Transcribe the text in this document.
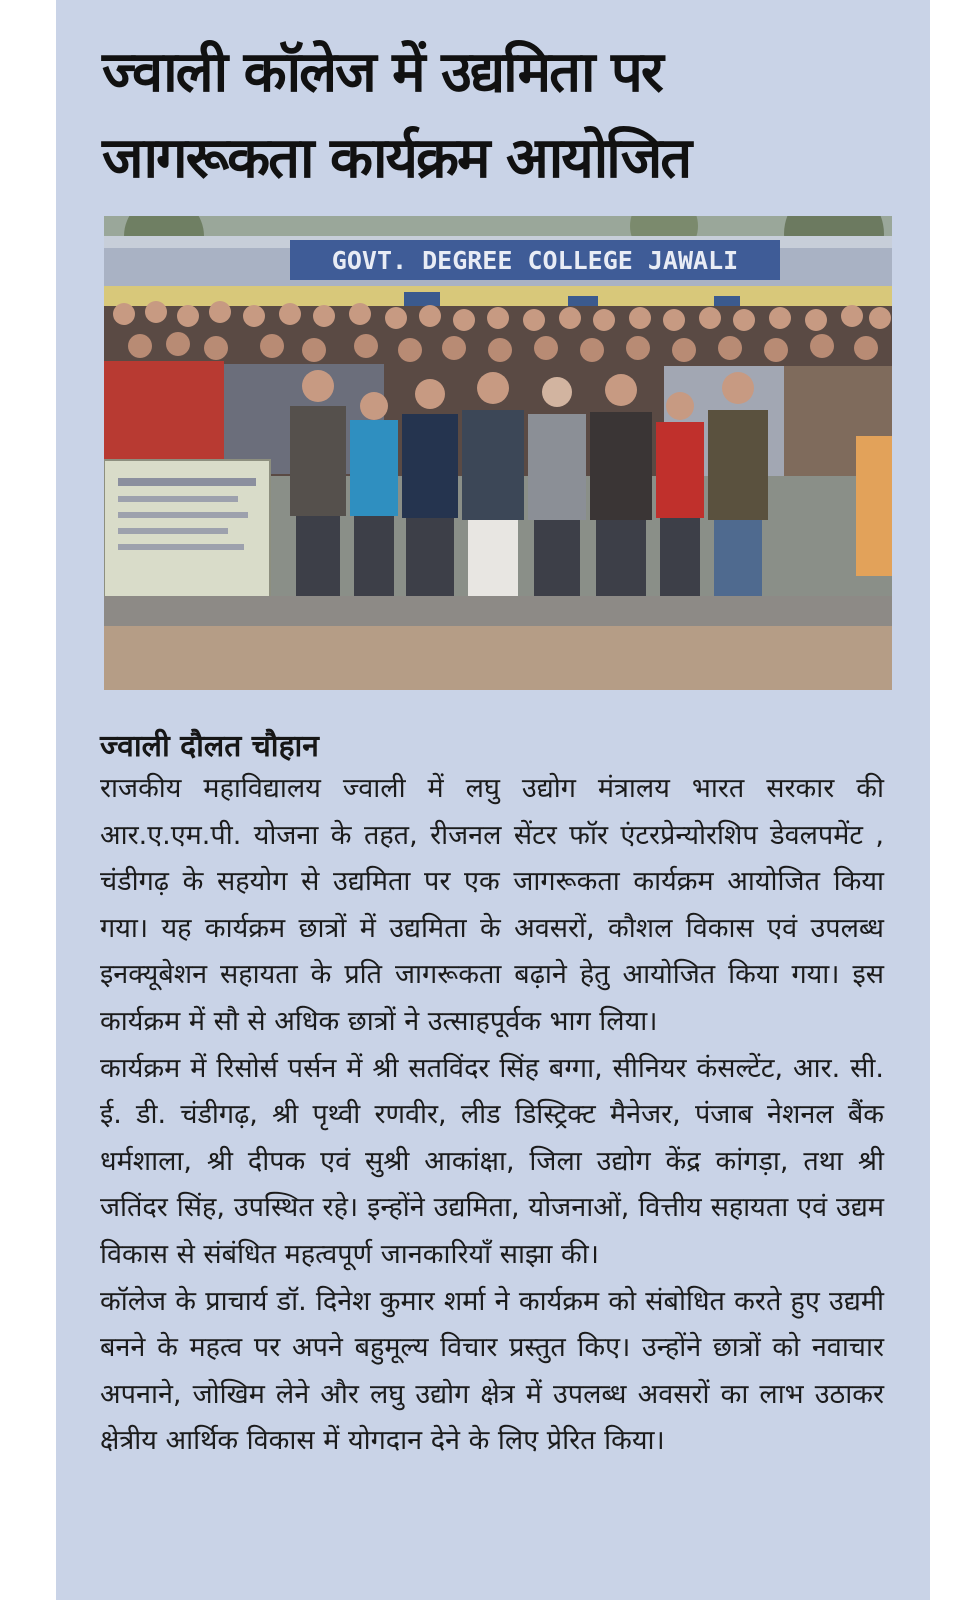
ज्वाली कॉलेज में उद्यमिता पर
जागरूकता कार्यक्रम आयोजित
GOVT. DEGREE COLLEGE JAWALI
ज्वाली दौलत चौहान

राजकीय महाविद्यालय ज्वाली में लघु उद्योग मंत्रालय भारत सरकार की आर.ए.एम.पी. योजना के तहत, रीजनल सेंटर फॉर एंटरप्रेन्योरशिप डेवलपमेंट , चंडीगढ़ के सहयोग से उद्यमिता पर एक जागरूकता कार्यक्रम आयोजित किया गया। यह कार्यक्रम छात्रों में उद्यमिता के अवसरों, कौशल विकास एवं उपलब्ध इनक्यूबेशन सहायता के प्रति जागरूकता बढ़ाने हेतु आयोजित किया गया। इस कार्यक्रम में सौ से अधिक छात्रों ने उत्साहपूर्वक भाग लिया।

कार्यक्रम में रिसोर्स पर्सन में श्री सतविंदर सिंह बग्गा, सीनियर कंसल्टेंट, आर. सी. ई. डी. चंडीगढ़, श्री पृथ्वी रणवीर, लीड डिस्ट्रिक्ट मैनेजर, पंजाब नेशनल बैंक धर्मशाला, श्री दीपक एवं सुश्री आकांक्षा, जिला उद्योग केंद्र कांगड़ा, तथा श्री जतिंदर सिंह, उपस्थित रहे। इन्होंने उद्यमिता, योजनाओं, वित्तीय सहायता एवं उद्यम विकास से संबंधित महत्वपूर्ण जानकारियाँ साझा की।

कॉलेज के प्राचार्य डॉ. दिनेश कुमार शर्मा ने कार्यक्रम को संबोधित करते हुए उद्यमी बनने के महत्व पर अपने बहुमूल्य विचार प्रस्तुत किए। उन्होंने छात्रों को नवाचार अपनाने, जोखिम लेने और लघु उद्योग क्षेत्र में उपलब्ध अवसरों का लाभ उठाकर क्षेत्रीय आर्थिक विकास में योगदान देने के लिए प्रेरित किया।
